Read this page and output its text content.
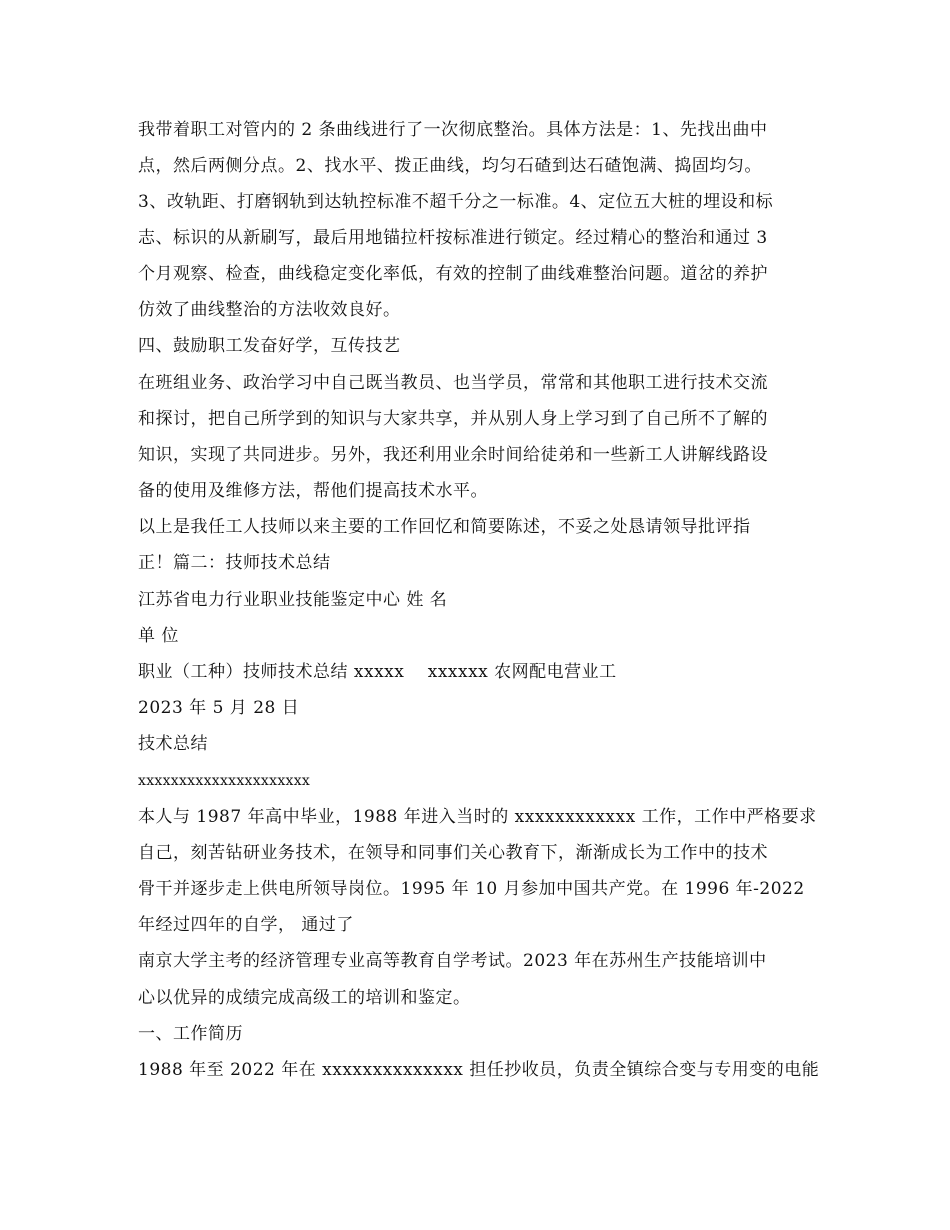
我带着职工对管内的 2 条曲线进行了一次彻底整治。具体方法是：1、先找出曲中
点，然后两侧分点。2、找水平、拨正曲线，均匀石碴到达石碴饱满、捣固均匀。
3、改轨距、打磨钢轨到达轨控标准不超千分之一标准。4、定位五大桩的埋设和标
志、标识的从新刷写，最后用地锚拉杆按标准进行锁定。经过精心的整治和通过 3
个月观察、检查，曲线稳定变化率低，有效的控制了曲线难整治问题。道岔的养护
仿效了曲线整治的方法收效良好。
四、鼓励职工发奋好学，互传技艺
在班组业务、政治学习中自己既当教员、也当学员，常常和其他职工进行技术交流
和探讨，把自己所学到的知识与大家共享，并从别人身上学习到了自己所不了解的
知识，实现了共同进步。另外，我还利用业余时间给徒弟和一些新工人讲解线路设
备的使用及维修方法，帮他们提高技术水平。
以上是我任工人技师以来主要的工作回忆和简要陈述，不妥之处恳请领导批评指
正！篇二：技师技术总结
江苏省电力行业职业技能鉴定中心 姓 名
单 位
职业（工种）技师技术总结 xxxxx　 xxxxxx 农网配电营业工
2023 年 5 月 28 日
技术总结
xxxxxxxxxxxxxxxxxxxxx
本人与 1987 年高中毕业，1988 年进入当时的 xxxxxxxxxxxx 工作，工作中严格要求
自己，刻苦钻研业务技术，在领导和同事们关心教育下，渐渐成长为工作中的技术
骨干并逐步走上供电所领导岗位。1995 年 10 月参加中国共产党。在 1996 年-2022
年经过四年的自学， 通过了
南京大学主考的经济管理专业高等教育自学考试。2023 年在苏州生产技能培训中
心以优异的成绩完成高级工的培训和鉴定。
一、工作简历
1988 年至 2022 年在 xxxxxxxxxxxxxx 担任抄收员，负责全镇综合变与专用变的电能
